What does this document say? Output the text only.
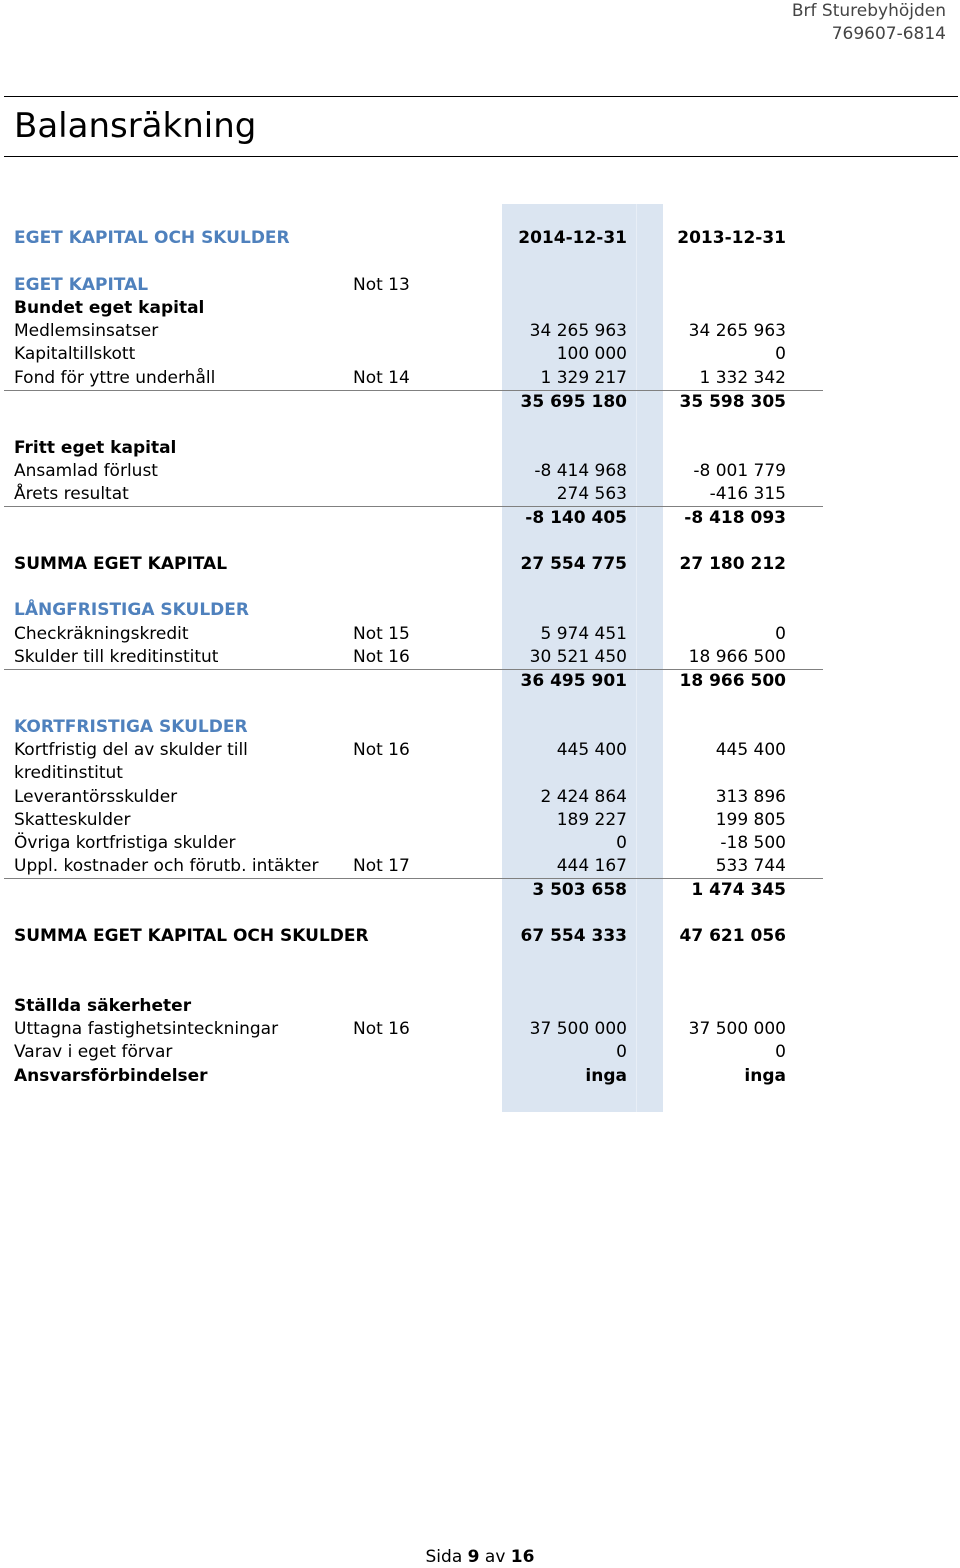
Brf Sturebyhöjden
769607-6814
Balansräkning
EGET KAPITAL OCH SKULDER	2014-12-31	2013-12-31
EGET KAPITAL	Not 13
Bundet eget kapital
Medlemsinsatser	34 265 963	34 265 963
Kapitaltillskott	100 000	0
Fond för yttre underhåll	Not 14	1 329 217	1 332 342
35 695 180	35 598 305
Fritt eget kapital
Ansamlad förlust	-8 414 968	-8 001 779
Årets resultat	274 563	-416 315
-8 140 405	-8 418 093
SUMMA EGET KAPITAL	27 554 775	27 180 212
LÅNGFRISTIGA SKULDER
Checkräkningskredit	Not 15	5 974 451	0
Skulder till kreditinstitut	Not 16	30 521 450	18 966 500
36 495 901	18 966 500
KORTFRISTIGA SKULDER
Kortfristig del av skulder till	Not 16	445 400	445 400
kreditinstitut
Leverantörsskulder	2 424 864	313 896
Skatteskulder	189 227	199 805
Övriga kortfristiga skulder	0	-18 500
Uppl. kostnader och förutb. intäkter Not 17	444 167	533 744
3 503 658	1 474 345
SUMMA EGET KAPITAL OCH SKULDER	67 554 333	47 621 056
Ställda säkerheter
Uttagna fastighetsinteckningar	Not 16	37 500 000	37 500 000
Varav i eget förvar	0	0
Ansvarsförbindelser	inga	inga
Sida 9 av 16
